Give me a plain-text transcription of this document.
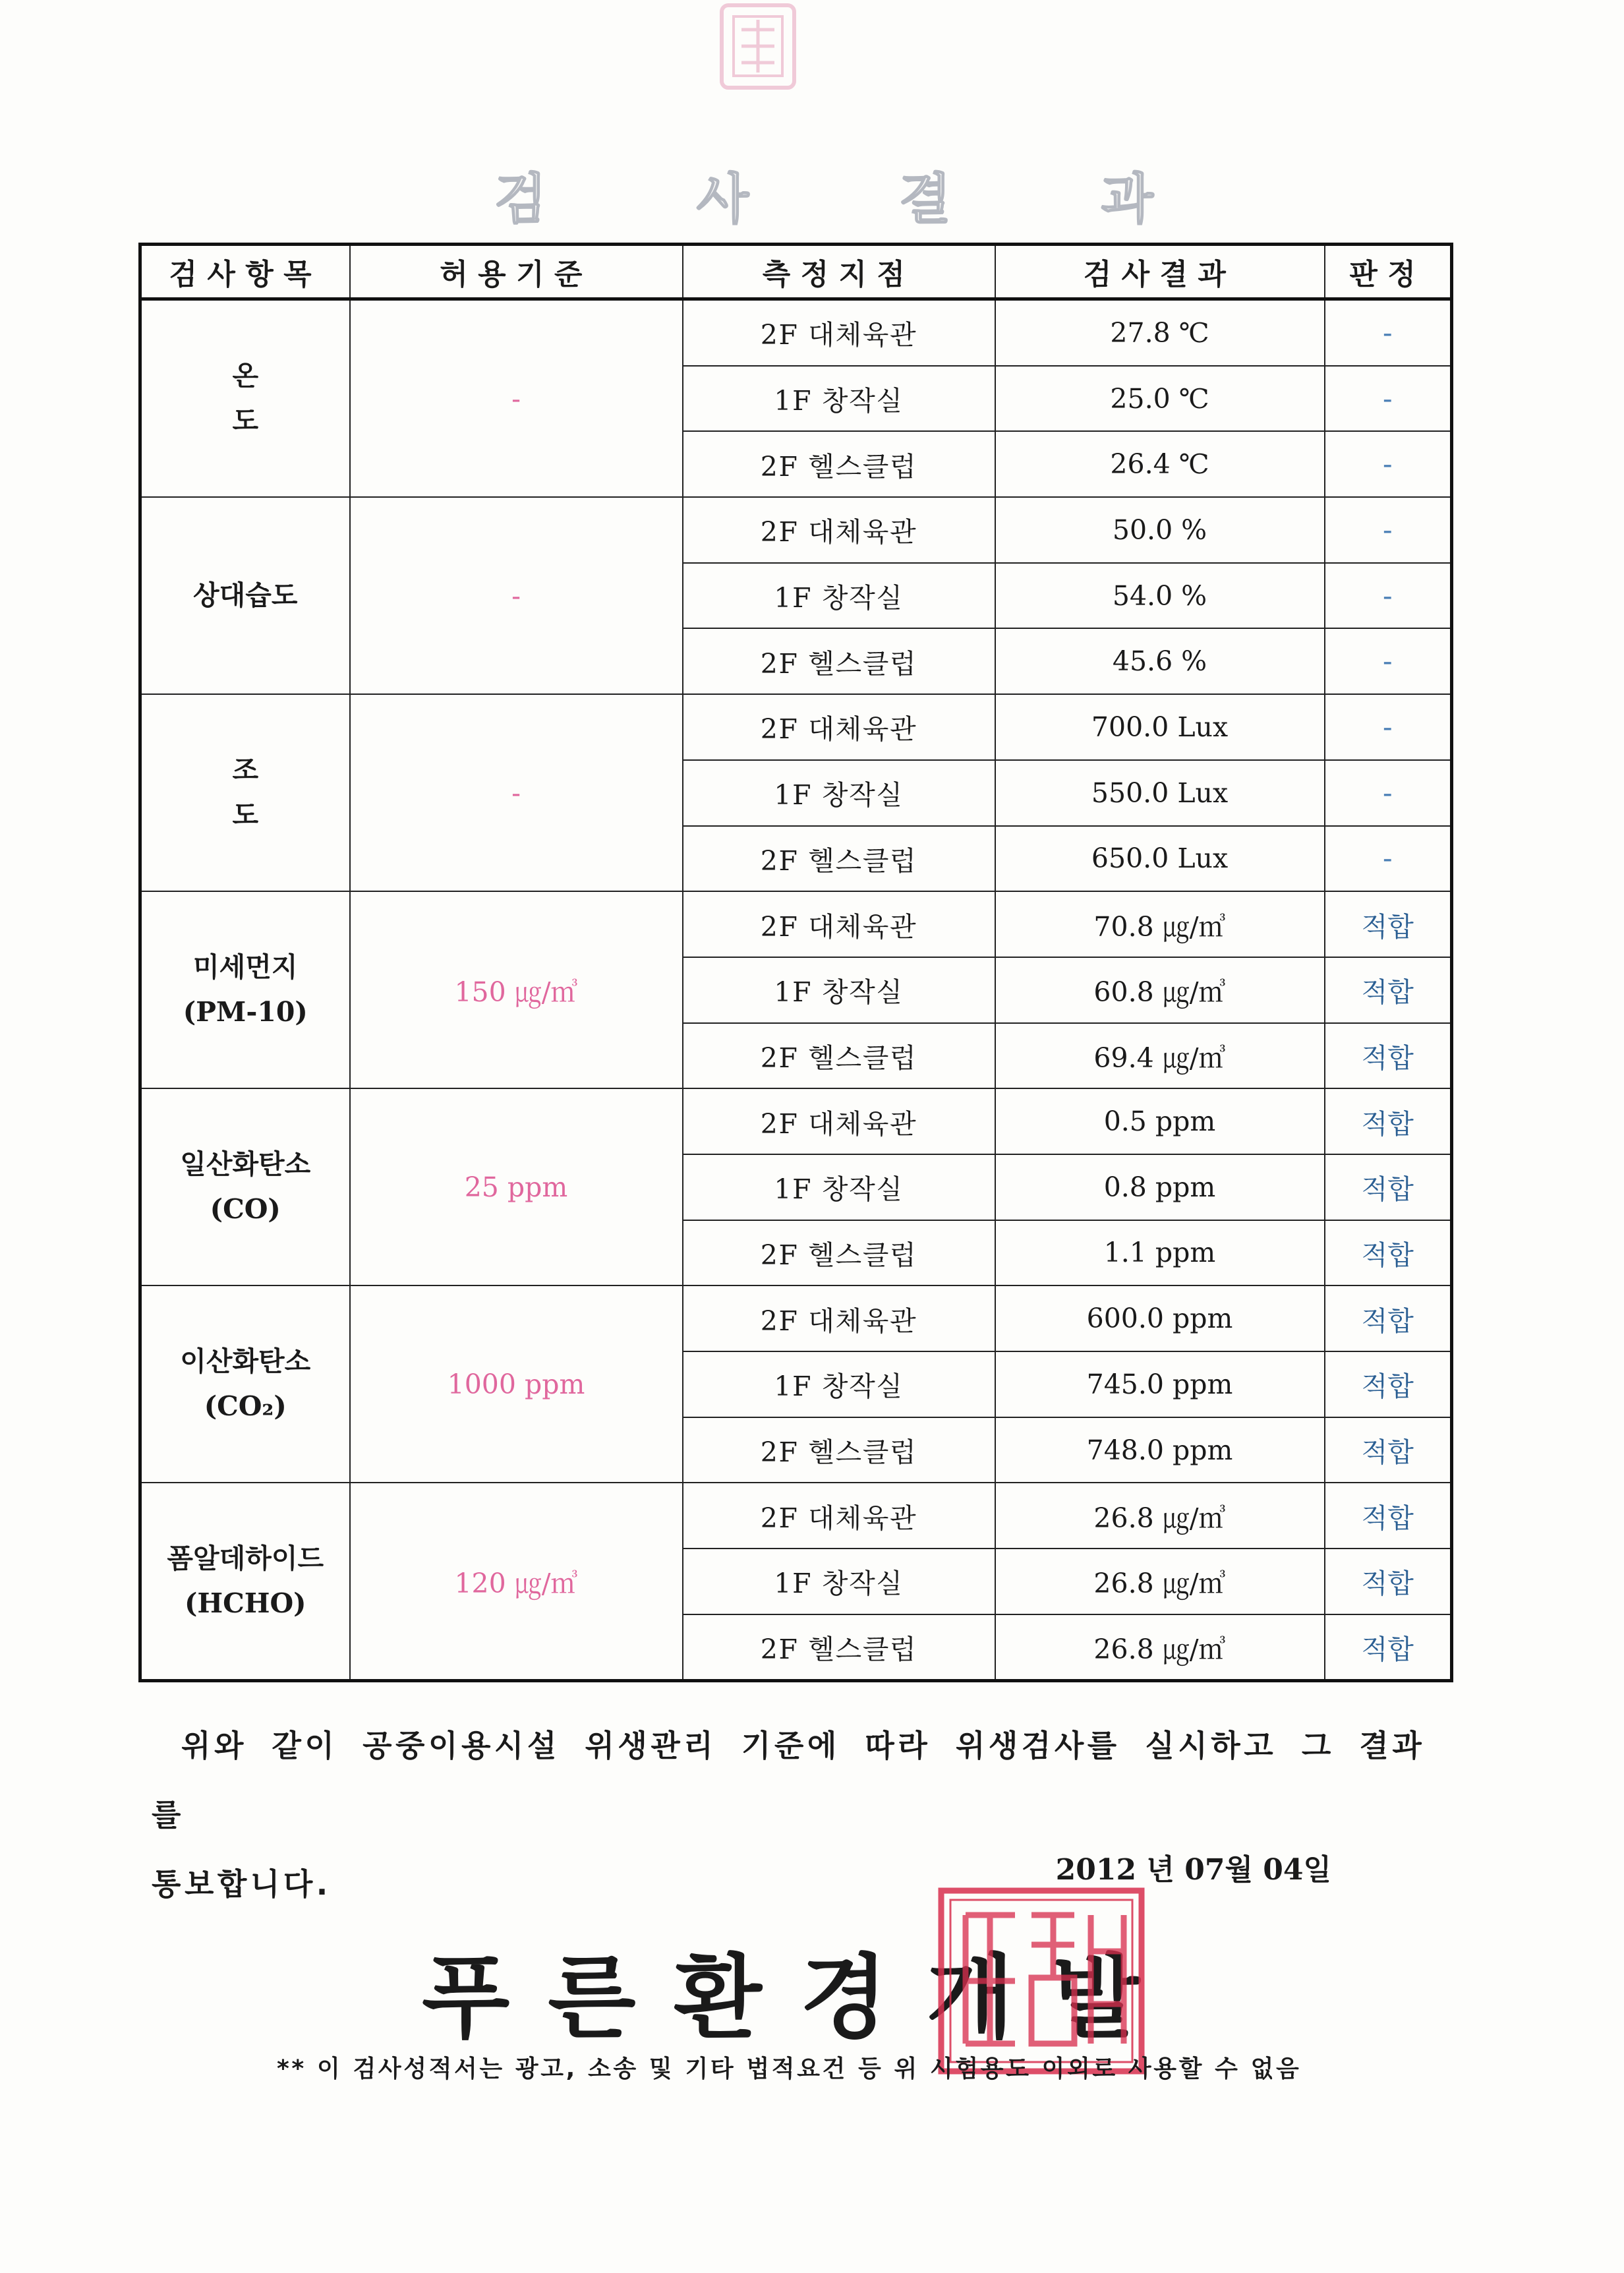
검	사	결	과
검사항목	허용기준	측정지점	검사결과	판정

온 도	-	2F 대체육관	27.8 ℃	-
		1F 창작실	25.0 ℃	-
		2F 헬스클럽	26.4 ℃	-

상대습도	-	2F 대체육관	50.0 %	-
		1F 창작실	54.0 %	-
		2F 헬스클럽	45.6 %	-

조 도	-	2F 대체육관	700.0 Lux	-
		1F 창작실	550.0 Lux	-
		2F 헬스클럽	650.0 Lux	-

미세먼지
(PM-10)	150 ㎍/㎥	2F 대체육관	70.8 ㎍/㎥	적합
		1F 창작실	60.8 ㎍/㎥	적합
		2F 헬스클럽	69.4 ㎍/㎥	적합

일산화탄소
(CO)	25 ppm	2F 대체육관	0.5 ppm	적합
		1F 창작실	0.8 ppm	적합
		2F 헬스클럽	1.1 ppm	적합

이산화탄소
(CO₂)	1000 ppm	2F 대체육관	600.0 ppm	적합
		1F 창작실	745.0 ppm	적합
		2F 헬스클럽	748.0 ppm	적합

폼알데하이드
(HCHO)	120 ㎍/㎥	2F 대체육관	26.8 ㎍/㎥	적합
		1F 창작실	26.8 ㎍/㎥	적합
		2F 헬스클럽	26.8 ㎍/㎥	적합

위와 같이 공중이용시설 위생관리 기준에 따라 위생검사를 실시하고 그 결과를

통보합니다.	2012 년 07월 04일
푸른환경개발
** 이 검사성적서는 광고, 소송 및 기타 법적요건 등 위 시험용도 이외로 사용할 수 없음
